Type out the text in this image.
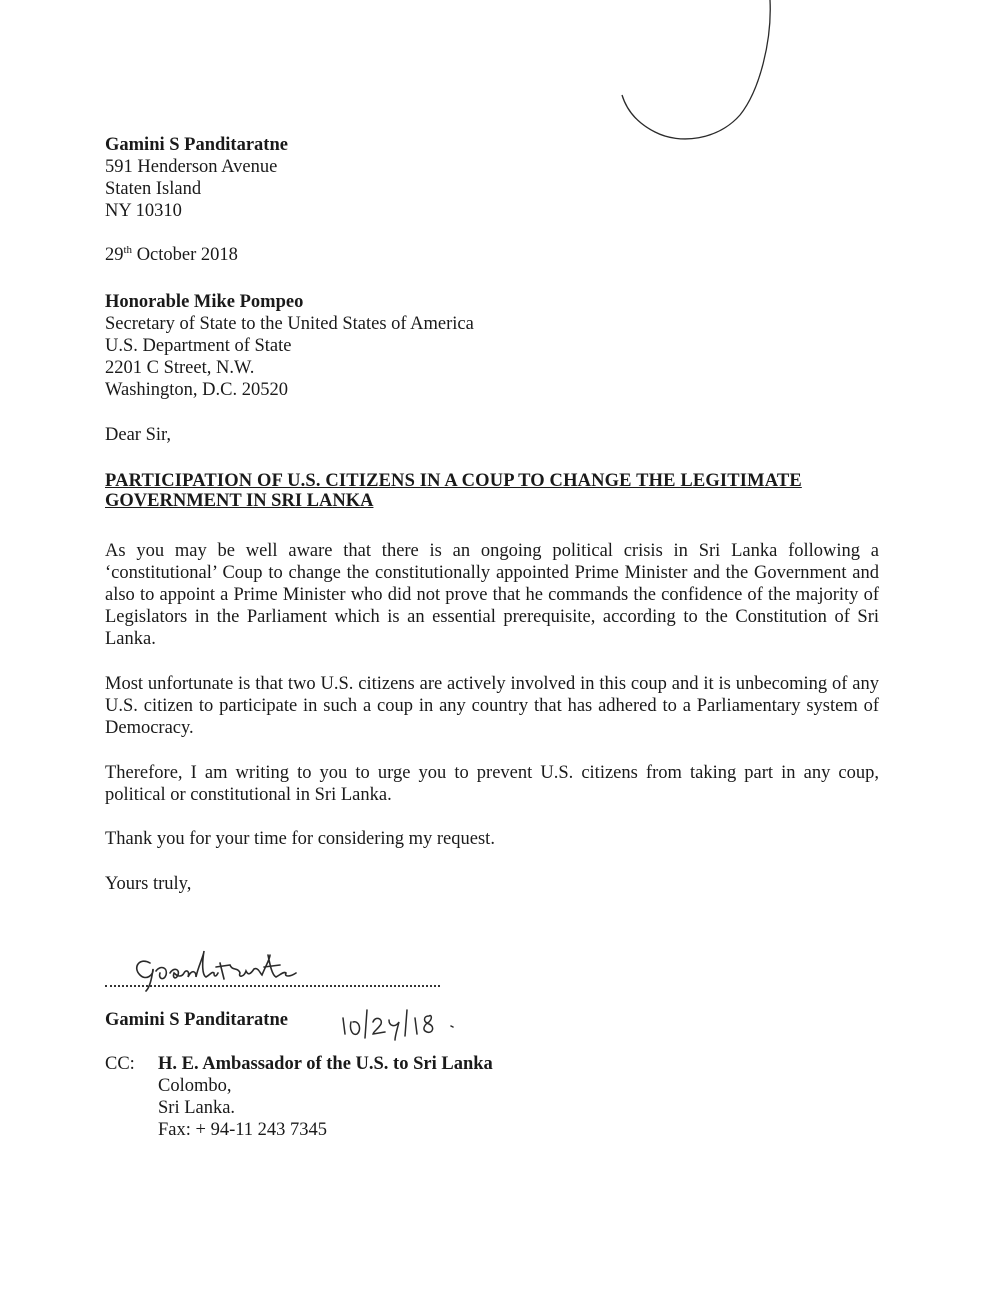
Gamini S Panditaratne
591 Henderson Avenue
Staten Island
NY 10310
29th October 2018
Honorable Mike Pompeo
Secretary of State to the United States of America
U.S. Department of State
2201 C Street, N.W.
Washington, D.C. 20520
Dear Sir,
PARTICIPATION OF U.S. CITIZENS IN A COUP TO CHANGE THE LEGITIMATE
GOVERNMENT IN SRI LANKA
As you may be well aware that there is an ongoing political crisis in Sri Lanka following a ‘constitutional’ Coup to change the constitutionally appointed Prime Minister and the Government and also to appoint a Prime Minister who did not prove that he commands the confidence of the majority of Legislators in the Parliament which is an essential prerequisite, according to the Constitution of Sri Lanka.
Most unfortunate is that two U.S. citizens are actively involved in this coup and it is unbecoming of any U.S. citizen to participate in such a coup in any country that has adhered to a Parliamentary system of Democracy.
Therefore, I am writing to you to urge you to prevent U.S. citizens from taking part in any coup, political or constitutional in Sri Lanka.
Thank you for your time for considering my request.
Yours truly,
Gamini S Panditaratne
CC: H. E. Ambassador of the U.S. to Sri Lanka
Colombo,
Sri Lanka.
Fax: + 94-11 243 7345
